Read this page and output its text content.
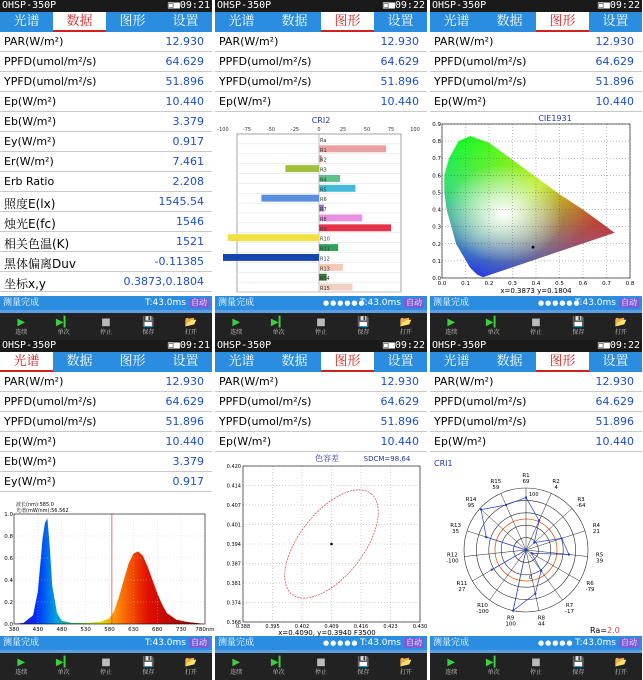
OHSP-350P	▣■09:21
光谱	数据	图形	设置
测量完成	T:43.0ms 自动
▶
连续
▶▎
单次
■
停止
💾
保存
📂
打开
PAR(W/m²)	12.930
PPFD(umol/m²/s)	64.629
YPFD(umol/m²/s)	51.896
Ep(W/m²)	10.440
Eb(W/m²)	3.379
Ey(W/m²)	0.917
Er(W/m²)	7.461
Erb Ratio	2.208
照度E(lx)	1545.54
烛光E(fc)	1546
相关色温(K)	1521
黑体偏离Duv	-0.11385
坐标x,y	0.3873,0.1804
OHSP-350P	▣■09:22
光谱	数据	图形	设置
测量完成	●●●●●●
T:43.0ms 自动
▶
连续
▶▎
单次
■
停止
💾
保存
📂
打开
PAR(W/m²)	12.930
PPFD(umol/m²/s)	64.629
YPFD(umol/m²/s)	51.896
Ep(W/m²)	10.440
CRI2
-100	-75	-50	-25	0	25	50	75	100
Ra
R1
R2
R3
R4
R5
R6
R7
R8
R9
R10
R11
R12
R13
R14
R15
OHSP-350P	▣■09:22
光谱	数据	图形	设置
测量完成	●●●●●●
T:43.0ms 自动
▶
连续
▶▎
单次
■
停止
💾
保存
📂
打开
PAR(W/m²)	12.930
PPFD(umol/m²/s)	64.629
YPFD(umol/m²/s)	51.896
Ep(W/m²)	10.440
CIE1931
0.0	0.1	0.2	0.3	0.4	0.5	0.6	0.7	0.8
0.0
0.1
0.2
0.3
0.4
0.5
0.6
0.7
0.8
0.9
x=0.3873 y=0.1804
OHSP-350P	▣■09:21
光谱	数据	图形	设置
测量完成	T:43.0ms 自动
▶
连续
▶▎
单次
■
停止
💾
保存
📂
打开
PAR(W/m²)	12.930
PPFD(umol/m²/s)	64.629
YPFD(umol/m²/s)	51.896
Ep(W/m²)	10.440
Eb(W/m²)	3.379
Ey(W/m²)	0.917
波长(nm):585.0
光谱(mW/nm):56.562
380 430 480 530 580 630 680 730 780nm
0.0
0.2
0.4
0.6
0.8
1.0
OHSP-350P	▣■09:22
光谱	数据	图形	设置
测量完成	●●●●● T:43.0ms 自动
▶
连续
▶▎
单次
■
停止
💾
保存
📂
打开
PAR(W/m²)	12.930
PPFD(umol/m²/s)	64.629
YPFD(umol/m²/s)	51.896
Ep(W/m²)	10.440
色容差	SDCM=98.64
0.388	0.395	0.402	0.409	0.416	0.423	0.430
0.368
0.374
0.381
0.387
0.394
0.401
0.407
0.414
0.420
x=0.4090, y=0.3940 F3500
OHSP-350P	▣■09:22
光谱	数据	图形	设置
测量完成	●●●●● T:43.0ms 自动
▶
连续
▶▎
单次
■
停止
💾
保存
📂
打开
PAR(W/m²)	12.930
PPFD(umol/m²/s)	64.629
YPFD(umol/m²/s)	51.896
Ep(W/m²)	10.440
CRI1
R1
69	R2
4
R3
-64
R4
21
R5
39
R6
-79
R7
-17
R8
44
R9
100
R10
-100
R11
27
R12
-100
R13
35
R14
95
R15
59
100
0
Ra=2.0
